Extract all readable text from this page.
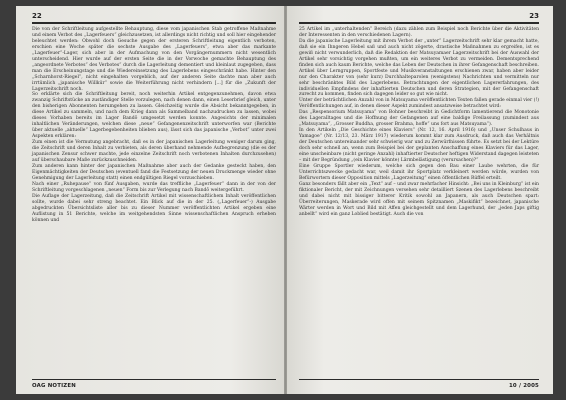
22

Die von der Schriftleitung aufgestellte Behauptung, diese vom japanischen Stab getroffene Maßnahme und einem Verbot des „Lagerfeuers“ gleichzusetzen, ist allerdings nicht richtig und soll hier eingehender beleuchtet werden: Obwohl doch Gesuche gegen der ersteren Schriftleitung eigentlich verboten, erschien eine Woche später die sechste Ausgabe des „Lagerfeuers“, etwa aber das markante „Lagerfeuer“-Lager, sich aber in der Aufmachung von den Vorgängernummern nicht wesentlich unterscheidend. Hier wurde auf der ersten Seite die in der Vorwoche gemachte Behauptung des „angeordnete Verbotes“ des Verbotes“ durch die Lagerleitung dementiert und kleinlaut zugegeben, dass man die Erscheinungstage und die Wiedereinsetzung des Lagerlebens eingeschränkt habe. Hinter den „Scharnhorst-Riegel“, nicht eingehalten vorgeblich, auf der anderen Seite dachte man aber auch irrtümlich „japanische Willkür“ sowie die Weiterführung nicht verhindern [...] für die „Zukunft der Lagerzeitschrift noch.

So erklärte sich die Schriftleitung bereit, noch weiterhin Artikel entgegenzunehmen, davon etwa zwanzig Schriftstücke an zuständiger Stelle vorzulegen, nach denen dann, einen Leserbrief gleich, unter den bisherigen Abonnenten herumgehen zu lassen. Gleichzeitig wurde die Absicht bekanntgegeben, in diese Artikel zu sammeln, und nach dem Krieg dann als Sammelband nachzudrucken zu lassen, wobei dieses Vorhaben bereits im Lager Bandō umgesetzt werden konnte. Angesichts der minimalen inhaltlichen Veränderungen, welchen diese „neue“ Gefangenenzeitschrift unterworfen war (Berichte über aktuelle „aktuelle“ Lagerbegebenheiten blieben aus), lässt sich das japanische „Verbot“ unter zwei Aspekten erklären:

Zum einen ist die Vermutung angebracht, daß es in der japanischen Lagerleitung weniger darum ging, die Zeitschrift und deren Inhalt zu verbieten, als deren überhand nehmende Aufbegrenzung (die es der japanischen Zensur schwer machte, jede einzelne Zeitschrift noch verbotenen Inhalten durchzusehen) auf überschaubare Maße zurückzuschneiden.

Zum anderen kann hinter der japanischen Maßnahme aber auch der Gedanke gesteckt haben, den Eigenmächtigkeiten der Deutschen (eventuell fand die Festsetzung der neuen Druckmenge wieder ohne Genehmigung der Lagerleitung statt) einen endgültigen Riegel vorzuschieben.

Nach einer „Ruhepause“ von fünf Ausgaben, wurde das treffliche „Lagerfeuer“ dann in der von der Schriftleitung vorgeschlagenen „neuen“ Form bis zur Verlegung nach Bandō weitergeführt.

Die Auflage der Lagerzeitung, daß die Zeitschrift Artikel mit wissenschaftlichem Inhalt veröffentlichen sollte, wurde dabei sehr streng beachtet. Ein Blick auf die in der 25. („Lagerfeuer“-) Ausgabe abgedruckten Übersichtsliste aller bis zu dieser Nummer veröffentlichten Artikel ergeben eine Auflistung in 51 Berichte, welche im weitgehendsten Sinne wissenschaftlichen Anspruch erheben können und

OAG NOTIZEN
23

25 Artikel im „unterhaltenden“ Bereich (dazu zählen zum Beispiel noch Berichte über die Aktivitäten der Interessenten in den verschiedenen Lagern).

Da die japanische Lagerleitung mit ihrem Verbot der „unter“ Lagerzeitschrift sehr klar gemacht hatte, daß sie ein Ihngeren Hebel saß und auch nicht zögerte, drastische Maßnahmen zu ergreifen, ist es gewiß nicht verwunderlich, daß die Redaktion der Matsuyamaer Lagerzeitschrift bei der Auswahl der Artikel sehr vorsichtig vorgehen mußten, um ein weiteres Verbot zu vermeiden. Dementsprechend finden sich auch kaum Berichte, welche das Leben der Deutschen in ihrer Gefangenschaft beschreiben. Artikel über Lerngruppen, Sportfeste und Musikveranstaltungen erschienen zwar, haben aber leider nur den Charakter von (sehr kurz) Durchhalteparolen (wenigstens) Nachrichten und vermitteln nur sehr beschränktes Bild des Lagerlebens. Betrachtungen der eigentlichen Lagererfahrungen, des individuellen Empfindens der inhaftierten Deutschen und deren Strategien, mit der Gefangenschaft zurecht zu kommen, finden sich dagegen leider so gut wie nicht.

Unter der beträchtlichen Anzahl von in Matsuyama veröffentlichten Texten fallen gerade einmal vier (!) Veröffentlichungen auf, in denen dieser Aspekt zumindest ansatzweise betrachtet wird:

Das „Respensorium Matsuyama“ von Bohner beschreibt in Gedichtform lamentierend die Monotonie des Lageralltages und die Hoffnung der Gefangenen auf eine baldige Freilassung (zumindest aus „Matsuyama“, „Grosser Buddha, grosser Brahma, hoffe“ uns fort aus Matsuyama“).

In den Artikeln „Die Geschichte eines Klaviers“ (Nr. 12, 16. April 1916) und „Unser Schulhaus in Yamagoe“ (Nr. 12/13, 23. März 1917) wiederum kommt klar zum Ausdruck, daß auch das Verhältnis der Deutschen untereinander sehr schwierig war und zu Zerwürfnissen führte. Es setzt bei der Lektüre doch sehr schnell an, wenn zum Beispiel bei der geplanten Anschaffung eines Klaviers für das Lager, eine unscheinbare (nicht geringe Anzahl) inhaftierter Deutscher heftigen Widerstand dagegen leisteten – mit der Begründung „(ein Klavier könnte) Lärmbelästigung (verursachen)?“

Eine Gruppe Sportler wiederum, welche sich gegen den Bau einer Laube wehrten, die für Unterrichtszwecke gedacht war, weil damit ihr Sportplatz verkleinert werden würde, wurden von Befürwortern dieser Opposition mittels „Lagerzeitung“ einen öffentlichen Rüffel erteilt.

Ganz besonders fällt aber ein „Text“ auf – und zwar mehrfacher Hinsicht: „Bei uns in Kleinburg“ ist ein fiktionaler Bericht, der mit Zeichnungen versehen sehr detailliert Szenen des Lagerlebens beschreibt und dabei nicht mit bissiger bitterer Kritik sowohl an Japanern, als auch Deutschen spart: Überreiterungen, Maskerade wird offen mit seinem Spitznamen „Maskifikt“ bezeichnet, japanische Wärter werden in Wort und Bild mit Affen gleichgestellt und dem Lagerhund, der „jeden Japs giftig anbellt“ wird ein ganz Loblied bestätigt. Auch die von

10 / 2005
